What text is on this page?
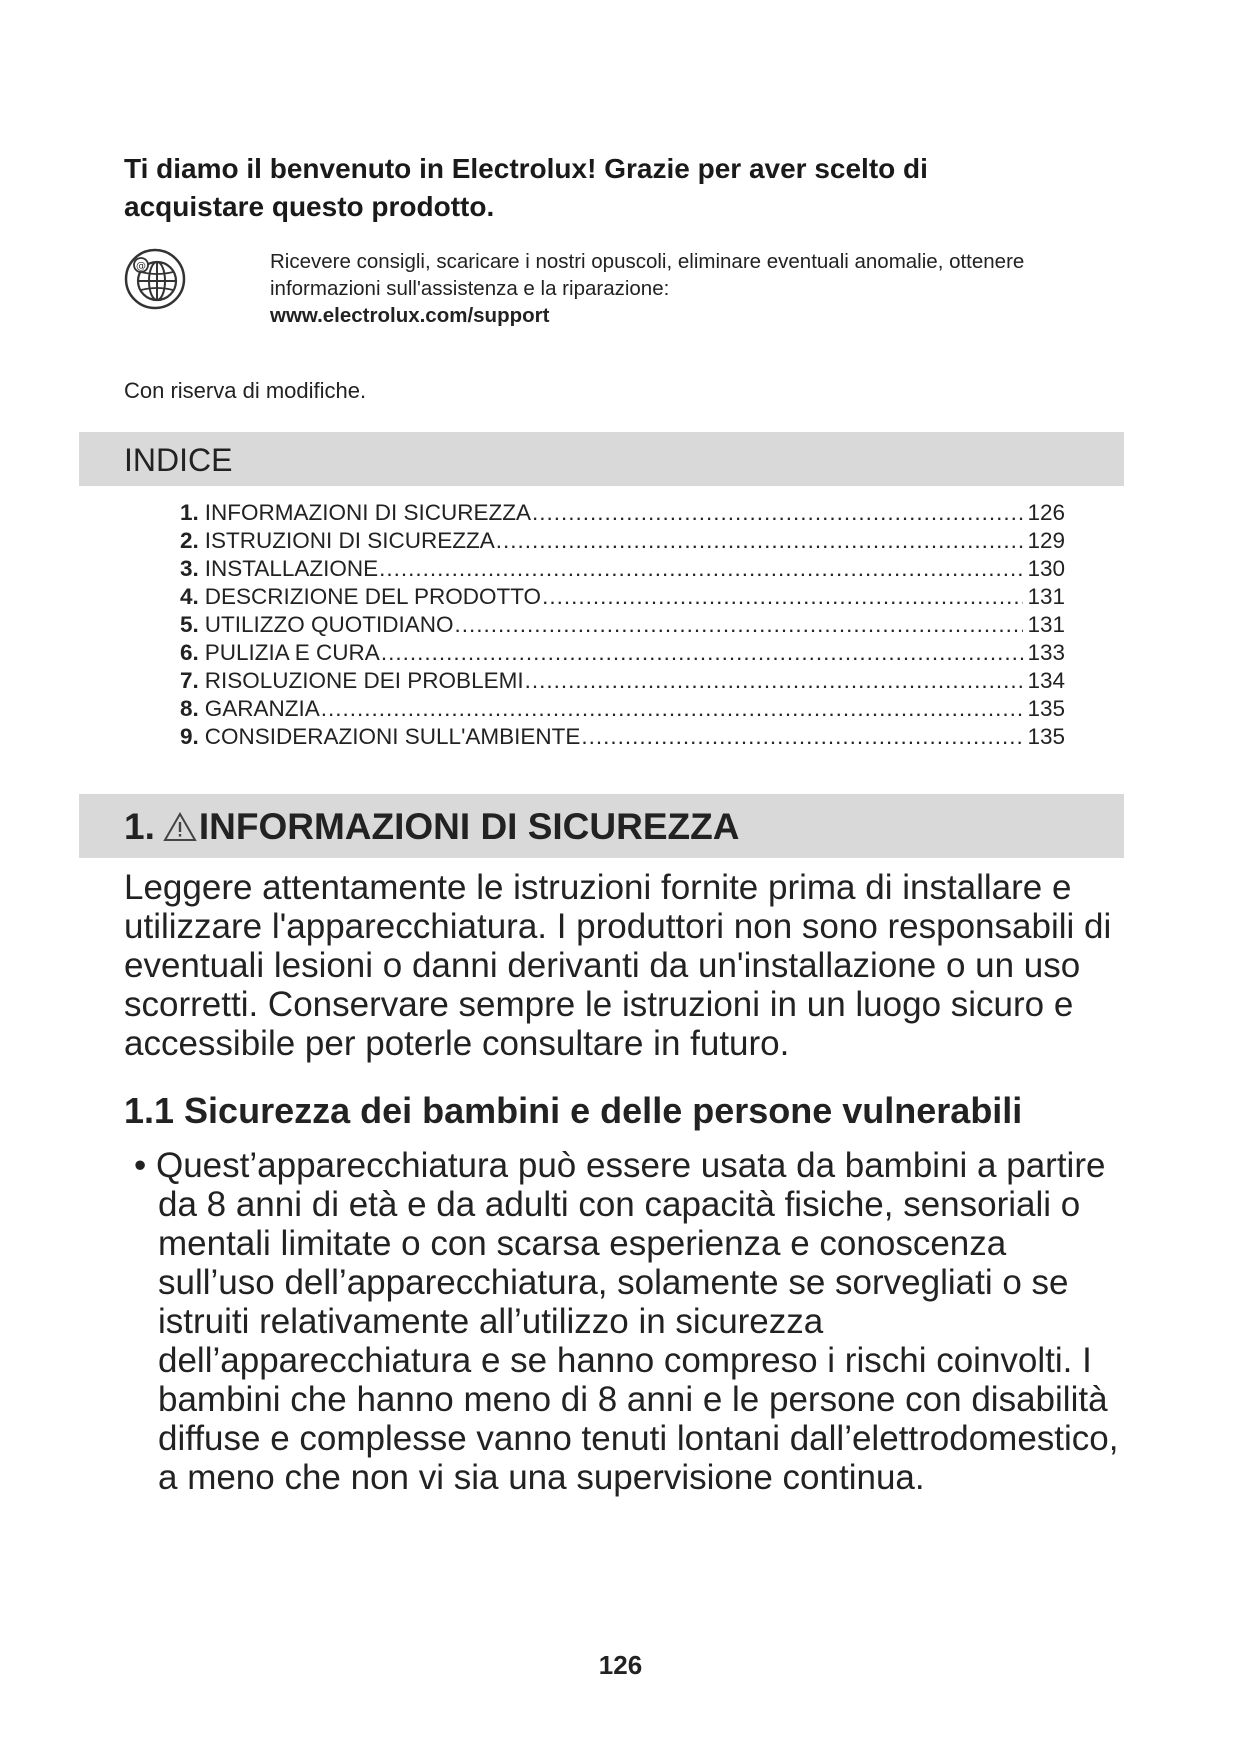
Ti diamo il benvenuto in Electrolux! Grazie per aver scelto di acquistare questo prodotto.
@	Ricevere consigli, scaricare i nostri opuscoli, eliminare eventuali anomalie, ottenere informazioni sull'assistenza e la riparazione:
www.electrolux.com/support

Con riserva di modifiche.

INDICE
1. INFORMAZIONI DI SICUREZZA .....	126
2. ISTRUZIONI DI SICUREZZA .....	129
3. INSTALLAZIONE .....	130
4. DESCRIZIONE DEL PRODOTTO .....	131
5. UTILIZZO QUOTIDIANO .....	131
6. PULIZIA E CURA .....	133
7. RISOLUZIONE DEI PROBLEMI .....	134
8. GARANZIA .....	135
9. CONSIDERAZIONI SULL'AMBIENTE .....	135
1. INFORMAZIONI DI SICUREZZA

Leggere attentamente le istruzioni fornite prima di installare e utilizzare l'apparecchiatura. I produttori non sono responsabili di eventuali lesioni o danni derivanti da un'installazione o un uso scorretti. Conservare sempre le istruzioni in un luogo sicuro e accessibile per poterle consultare in futuro.

1.1 Sicurezza dei bambini e delle persone vulnerabili

• Quest’apparecchiatura può essere usata da bambini a partire da 8 anni di età e da adulti con capacità fisiche, sensoriali o mentali limitate o con scarsa esperienza e conoscenza sull’uso dell’apparecchiatura, solamente se sorvegliati o se istruiti relativamente all’utilizzo in sicurezza dell’apparecchiatura e se hanno compreso i rischi coinvolti. I bambini che hanno meno di 8 anni e le persone con disabilità diffuse e complesse vanno tenuti lontani dall’elettrodomestico, a meno che non vi sia una supervisione continua.

126
